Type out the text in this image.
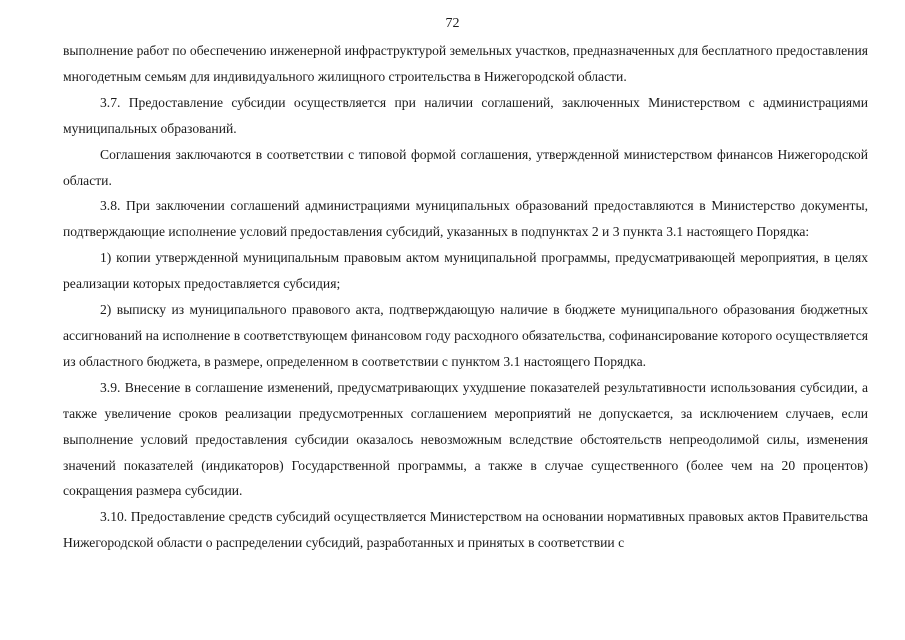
72

выполнение работ по обеспечению инженерной инфраструктурой земельных участков, предназначенных для бесплатного предоставления многодетным семьям для индивидуального жилищного строительства в Нижегородской области.

3.7. Предоставление субсидии осуществляется при наличии соглашений, заключенных Министерством с администрациями муниципальных образований.

Соглашения заключаются в соответствии с типовой формой соглашения, утвержденной министерством финансов Нижегородской области.

3.8. При заключении соглашений администрациями муниципальных образований предоставляются в Министерство документы, подтверждающие исполнение условий предоставления субсидий, указанных в подпунктах 2 и 3 пункта 3.1 настоящего Порядка:

1) копии утвержденной муниципальным правовым актом муниципальной программы, предусматривающей мероприятия, в целях реализации которых предоставляется субсидия;

2) выписку из муниципального правового акта, подтверждающую наличие в бюджете муниципального образования бюджетных ассигнований на исполнение в соответствующем финансовом году расходного обязательства, софинансирование которого осуществляется из областного бюджета, в размере, определенном в соответствии с пунктом 3.1 настоящего Порядка.

3.9. Внесение в соглашение изменений, предусматривающих ухудшение показателей результативности использования субсидии, а также увеличение сроков реализации предусмотренных соглашением мероприятий не допускается, за исключением случаев, если выполнение условий предоставления субсидии оказалось невозможным вследствие обстоятельств непреодолимой силы, изменения значений показателей (индикаторов) Государственной программы, а также в случае существенного (более чем на 20 процентов) сокращения размера субсидии.

3.10. Предоставление средств субсидий осуществляется Министерством на основании нормативных правовых актов Правительства Нижегородской области о распределении субсидий, разработанных и принятых в соответствии с
